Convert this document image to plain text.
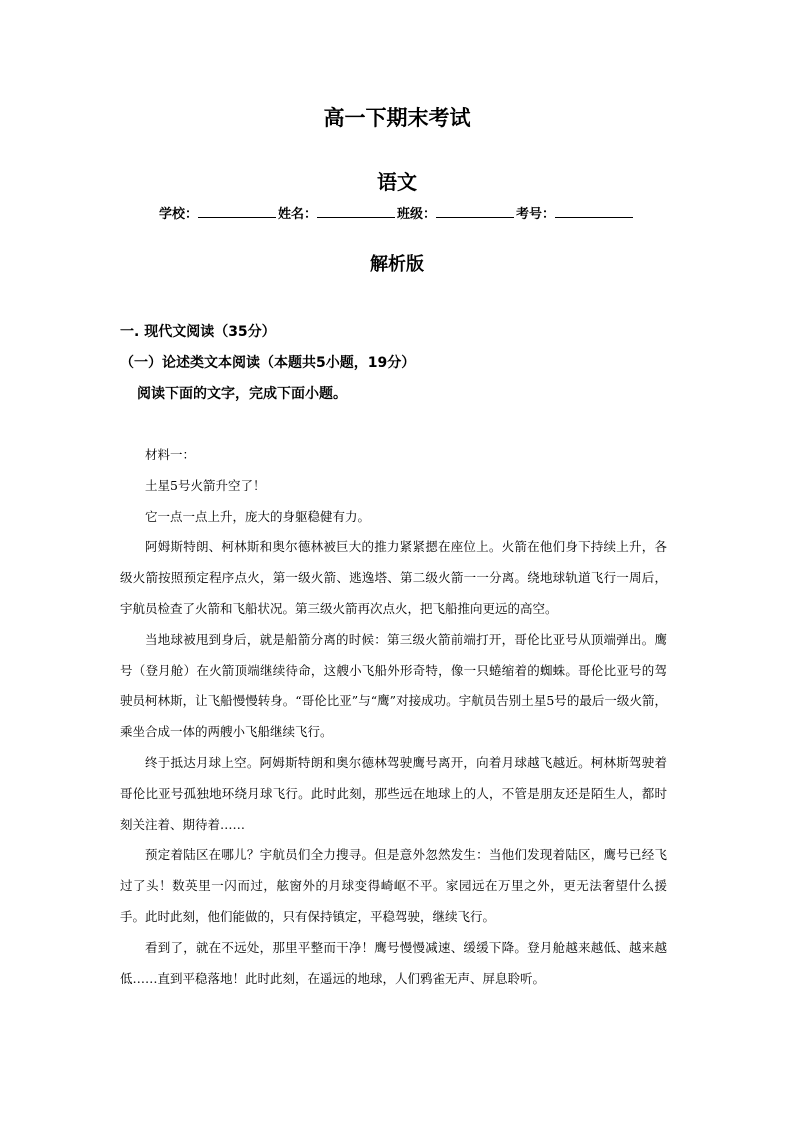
高一下期末考试
语文
学校：	姓名：	班级：	考号：
解析版
一. 现代文阅读（35分）
（一）论述类文本阅读（本题共5小题，19分）
阅读下面的文字，完成下面小题。

材料一：

土星5号火箭升空了！

它一点一点上升，庞大的身躯稳健有力。

阿姆斯特朗、柯林斯和奥尔德林被巨大的推力紧紧摁在座位上。火箭在他们身下持续上升，各级火箭按照预定程序点火，第一级火箭、逃逸塔、第二级火箭一一分离。绕地球轨道飞行一周后，宇航员检查了火箭和飞船状况。第三级火箭再次点火，把飞船推向更远的高空。

当地球被甩到身后，就是船箭分离的时候：第三级火箭前端打开，哥伦比亚号从顶端弹出。鹰号（登月舱）在火箭顶端继续待命，这艘小飞船外形奇特，像一只蜷缩着的蜘蛛。哥伦比亚号的驾驶员柯林斯，让飞船慢慢转身。“哥伦比亚”与“鹰”对接成功。宇航员告别土星5号的最后一级火箭，乘坐合成一体的两艘小飞船继续飞行。

终于抵达月球上空。阿姆斯特朗和奥尔德林驾驶鹰号离开，向着月球越飞越近。柯林斯驾驶着哥伦比亚号孤独地环绕月球飞行。此时此刻，那些远在地球上的人，不管是朋友还是陌生人，都时刻关注着、期待着……

预定着陆区在哪儿？宇航员们全力搜寻。但是意外忽然发生：当他们发现着陆区，鹰号已经飞过了头！数英里一闪而过，舷窗外的月球变得崎岖不平。家园远在万里之外，更无法奢望什么援手。此时此刻，他们能做的，只有保持镇定，平稳驾驶，继续飞行。

看到了，就在不远处，那里平整而干净！鹰号慢慢减速、缓缓下降。登月舱越来越低、越来越低……直到平稳落地！此时此刻，在遥远的地球，人们鸦雀无声、屏息聆听。
